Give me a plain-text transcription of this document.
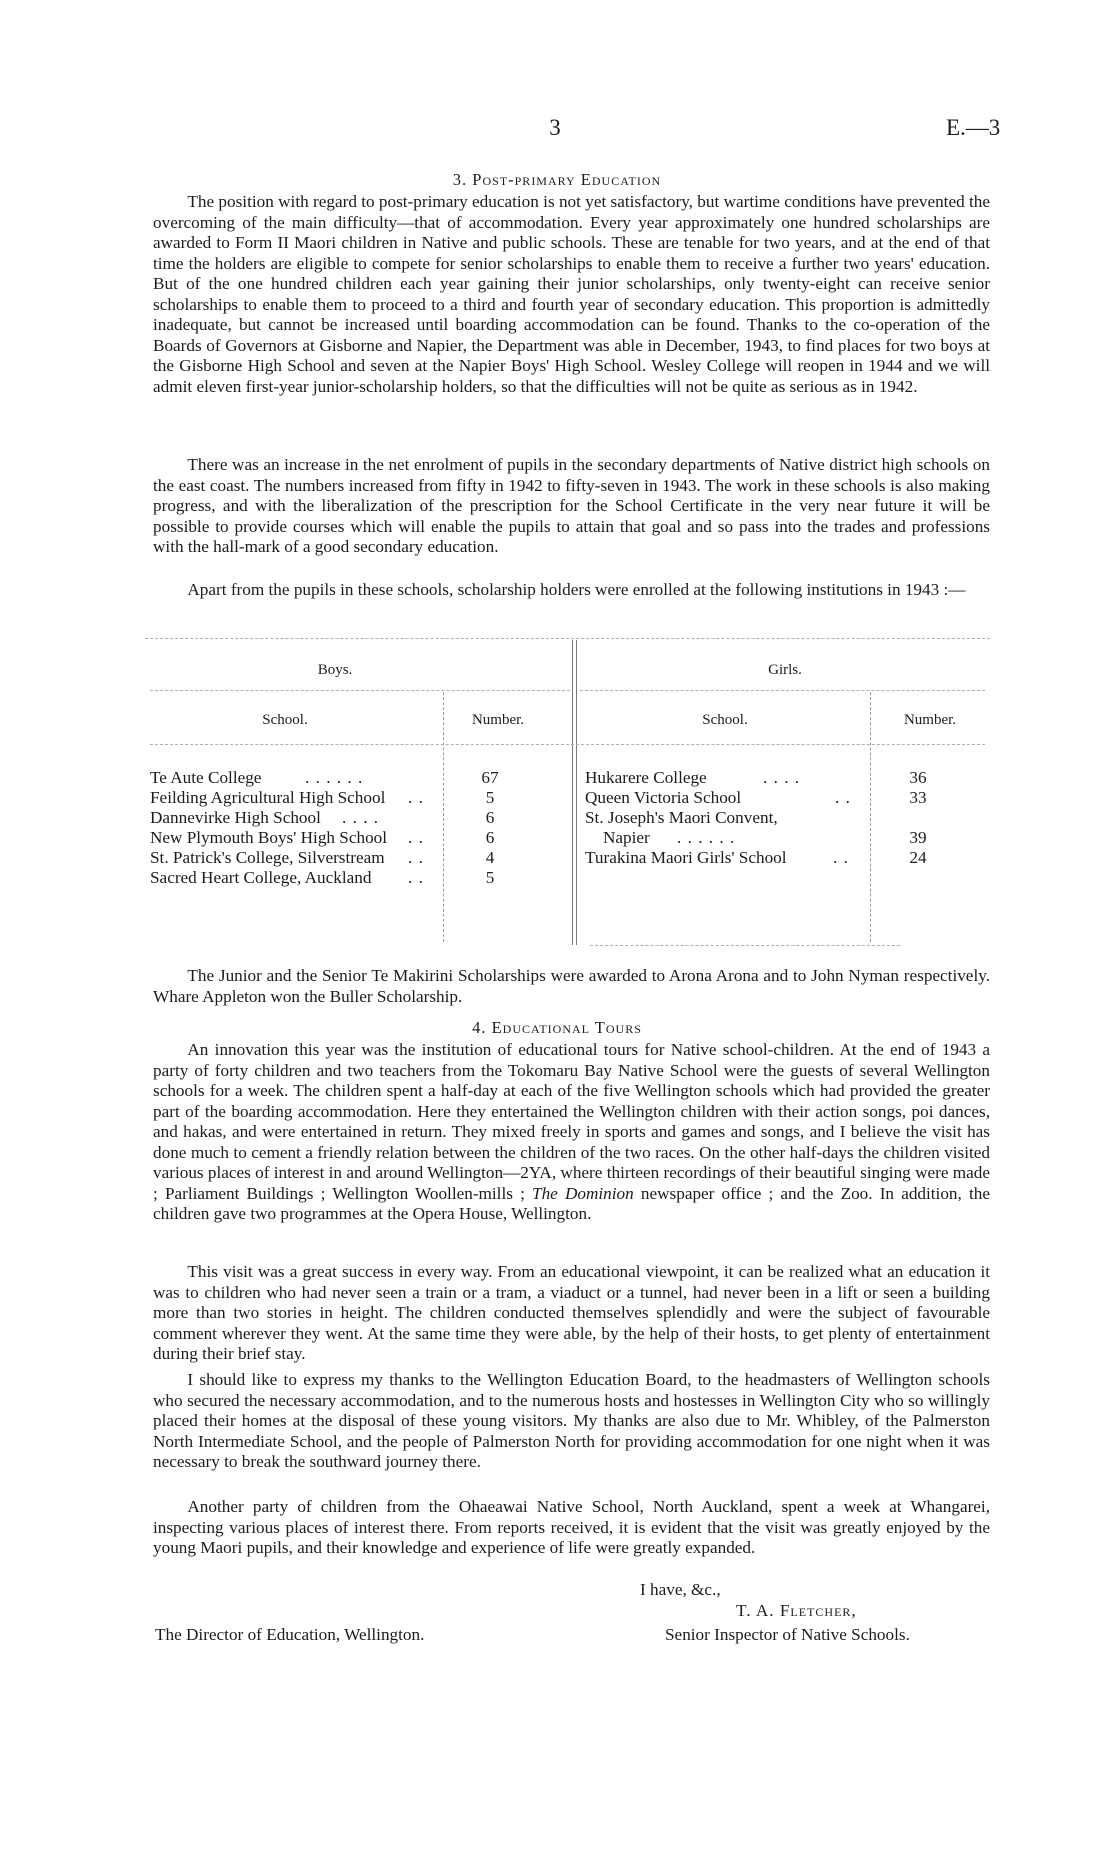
3	E.—3
3. Post-primary Education

The position with regard to post-primary education is not yet satisfactory, but wartime conditions have prevented the overcoming of the main difficulty—that of accommodation. Every year approximately one hundred scholarships are awarded to Form II Maori children in Native and public schools. These are tenable for two years, and at the end of that time the holders are eligible to compete for senior scholarships to enable them to receive a further two years' education. But of the one hundred children each year gaining their junior scholarships, only twenty-eight can receive senior scholarships to enable them to proceed to a third and fourth year of secondary education. This proportion is admittedly inadequate, but cannot be increased until boarding accommodation can be found. Thanks to the co-operation of the Boards of Governors at Gisborne and Napier, the Department was able in December, 1943, to find places for two boys at the Gisborne High School and seven at the Napier Boys' High School. Wesley College will reopen in 1944 and we will admit eleven first-year junior-scholarship holders, so that the difficulties will not be quite as serious as in 1942.

There was an increase in the net enrolment of pupils in the secondary departments of Native district high schools on the east coast. The numbers increased from fifty in 1942 to fifty-seven in 1943. The work in these schools is also making progress, and with the liberalization of the prescription for the School Certificate in the very near future it will be possible to provide courses which will enable the pupils to attain that goal and so pass into the trades and professions with the hall-mark of a good secondary education.

Apart from the pupils in these schools, scholarship holders were enrolled at the following institutions in 1943 :—

Boys.	Girls.
School.	Number.	School.	Number.
Te Aute College	. . . . . .	67
Feilding Agricultural High School . .	5
Dannevirke High School . . . .	6
New Plymouth Boys' High School . .	6
St. Patrick's College, Silverstream . .	4
Sacred Heart College, Auckland . .	5
Hukarere College	. . . .	36
Queen Victoria School	. .	33
St. Joseph's Maori Convent,
Napier . . . . . .	39
Turakina Maori Girls' School	. .	24

The Junior and the Senior Te Makirini Scholarships were awarded to Arona Arona and to John Nyman respectively. Whare Appleton won the Buller Scholarship.

4. Educational Tours

An innovation this year was the institution of educational tours for Native school-children. At the end of 1943 a party of forty children and two teachers from the Tokomaru Bay Native School were the guests of several Wellington schools for a week. The children spent a half-day at each of the five Wellington schools which had provided the greater part of the boarding accommodation. Here they entertained the Wellington children with their action songs, poi dances, and hakas, and were entertained in return. They mixed freely in sports and games and songs, and I believe the visit has done much to cement a friendly relation between the children of the two races. On the other half-days the children visited various places of interest in and around Wellington—2YA, where thirteen recordings of their beautiful singing were made ; Parliament Buildings ; Wellington Woollen-mills ; The Dominion newspaper office ; and the Zoo. In addition, the children gave two programmes at the Opera House, Wellington.

This visit was a great success in every way. From an educational viewpoint, it can be realized what an education it was to children who had never seen a train or a tram, a viaduct or a tunnel, had never been in a lift or seen a building more than two stories in height. The children conducted themselves splendidly and were the subject of favourable comment wherever they went. At the same time they were able, by the help of their hosts, to get plenty of entertainment during their brief stay.

I should like to express my thanks to the Wellington Education Board, to the headmasters of Wellington schools who secured the necessary accommodation, and to the numerous hosts and hostesses in Wellington City who so willingly placed their homes at the disposal of these young visitors. My thanks are also due to Mr. Whibley, of the Palmerston North Intermediate School, and the people of Palmerston North for providing accommodation for one night when it was necessary to break the southward journey there.

Another party of children from the Ohaeawai Native School, North Auckland, spent a week at Whangarei, inspecting various places of interest there. From reports received, it is evident that the visit was greatly enjoyed by the young Maori pupils, and their knowledge and experience of life were greatly expanded.

I have, &c.,
T. A. Fletcher,
Senior Inspector of Native Schools.
The Director of Education, Wellington.
